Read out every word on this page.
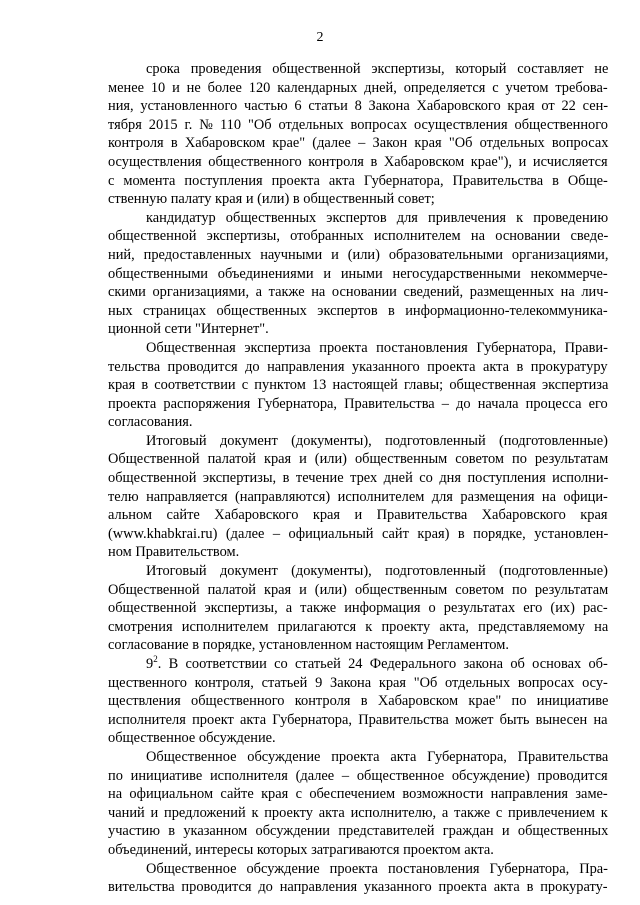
2
срока проведения общественной экспертизы, который составляет не
менее 10 и не более 120 календарных дней, определяется с учетом требова-
ния, установленного частью 6 статьи 8 Закона Хабаровского края от 22 сен-
тября 2015 г. № 110 "Об отдельных вопросах осуществления общественного
контроля в Хабаровском крае" (далее – Закон края "Об отдельных вопросах
осуществления общественного контроля в Хабаровском крае"), и исчисляется
с момента поступления проекта акта Губернатора, Правительства в Обще-
ственную палату края и (или) в общественный совет;
кандидатур общественных экспертов для привлечения к проведению
общественной экспертизы, отобранных исполнителем на основании сведе-
ний, предоставленных научными и (или) образовательными организациями,
общественными объединениями и иными негосударственными некоммерче-
скими организациями, а также на основании сведений, размещенных на лич-
ных страницах общественных экспертов в информационно-телекоммуника-
ционной сети "Интернет".
Общественная экспертиза проекта постановления Губернатора, Прави-
тельства проводится до направления указанного проекта акта в прокуратуру
края в соответствии с пунктом 13 настоящей главы; общественная экспертиза
проекта распоряжения Губернатора, Правительства – до начала процесса его
согласования.
Итоговый документ (документы), подготовленный (подготовленные)
Общественной палатой края и (или) общественным советом по результатам
общественной экспертизы, в течение трех дней со дня поступления исполни-
телю направляется (направляются) исполнителем для размещения на офици-
альном сайте Хабаровского края и Правительства Хабаровского края
(www.khabkrai.ru) (далее – официальный сайт края) в порядке, установлен-
ном Правительством.
Итоговый документ (документы), подготовленный (подготовленные)
Общественной палатой края и (или) общественным советом по результатам
общественной экспертизы, а также информация о результатах его (их) рас-
смотрения исполнителем прилагаются к проекту акта, представляемому на
согласование в порядке, установленном настоящим Регламентом.
$9^2$. В соответствии со статьей 24 Федерального закона об основах об-
щественного контроля, статьей 9 Закона края "Об отдельных вопросах осу-
ществления общественного контроля в Хабаровском крае" по инициативе
исполнителя проект акта Губернатора, Правительства может быть вынесен на
общественное обсуждение.
Общественное обсуждение проекта акта Губернатора, Правительства
по инициативе исполнителя (далее – общественное обсуждение) проводится
на официальном сайте края с обеспечением возможности направления заме-
чаний и предложений к проекту акта исполнителю, а также с привлечением к
участию в указанном обсуждении представителей граждан и общественных
объединений, интересы которых затрагиваются проектом акта.
Общественное обсуждение проекта постановления Губернатора, Пра-
вительства проводится до направления указанного проекта акта в прокурату-
